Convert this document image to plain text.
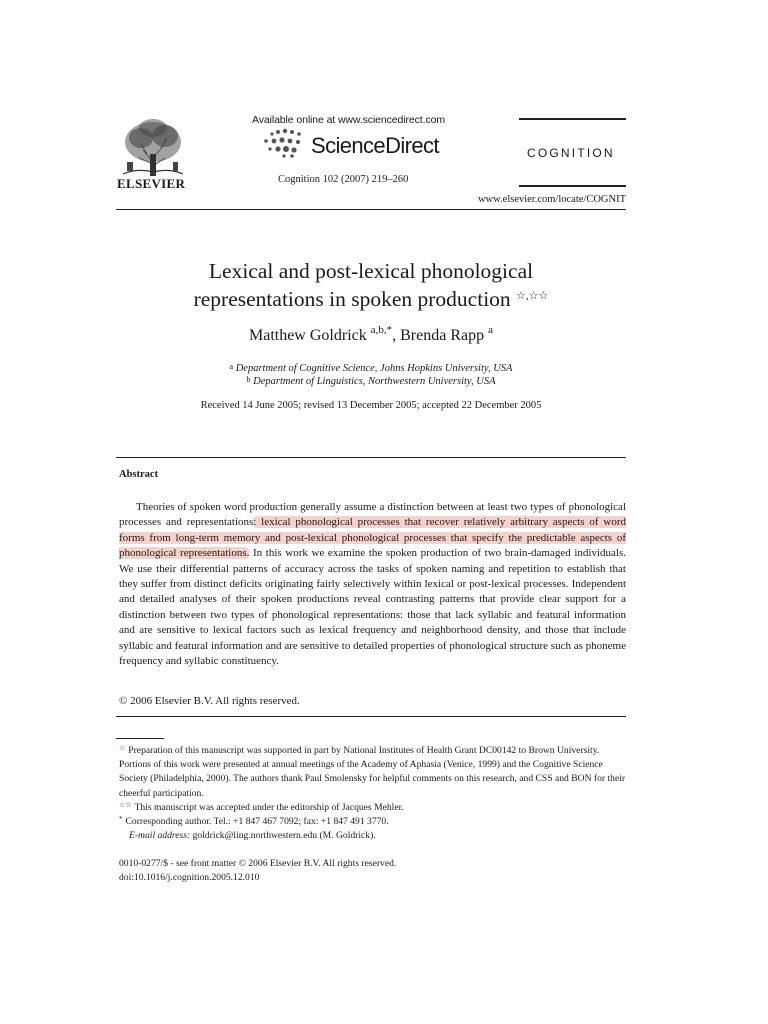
ELSEVIER
Available online at www.sciencedirect.com
ScienceDirect
Cognition 102 (2007) 219–260
COGNITION
www.elsevier.com/locate/COGNIT
Lexical and post-lexical phonological
representations in spoken production ☆,☆☆
Matthew Goldrick $^{a,b,*}$, Brenda Rapp $^a$
$^a$ Department of Cognitive Science, Johns Hopkins University, USA
$^b$ Department of Linguistics, Northwestern University, USA
Received 14 June 2005; revised 13 December 2005; accepted 22 December 2005
Abstract

Theories of spoken word production generally assume a distinction between at least two types of phonological processes and representations: lexical phonological processes that recover relatively arbitrary aspects of word forms from long-term memory and post-lexical phonological processes that specify the predictable aspects of phonological representations. In this work we examine the spoken production of two brain-damaged individuals. We use their differential patterns of accuracy across the tasks of spoken naming and repetition to establish that they suffer from distinct deficits originating fairly selectively within lexical or post-lexical processes. Independent and detailed analyses of their spoken productions reveal contrasting patterns that provide clear support for a distinction between two types of phonological representations: those that lack syllabic and featural information and are sensitive to lexical factors such as lexical frequency and neighborhood density, and those that include syllabic and featural information and are sensitive to detailed properties of phonological structure such as phoneme frequency and syllabic constituency.

© 2006 Elsevier B.V. All rights reserved.

☆ Preparation of this manuscript was supported in part by National Institutes of Health Grant DC00142 to Brown University. Portions of this work were presented at annual meetings of the Academy of Aphasia (Venice, 1999) and the Cognitive Science Society (Philadelphia, 2000). The authors thank Paul Smolensky for helpful comments on this research, and CSS and BON for their cheerful participation.

☆☆ This manuscript was accepted under the editorship of Jacques Mehler.

* Corresponding author. Tel.: +1 847 467 7092; fax: +1 847 491 3770.

E-mail address: goldrick@ling.northwestern.edu (M. Goldrick).

0010-0277/$ - see front matter © 2006 Elsevier B.V. All rights reserved.
doi:10.1016/j.cognition.2005.12.010
